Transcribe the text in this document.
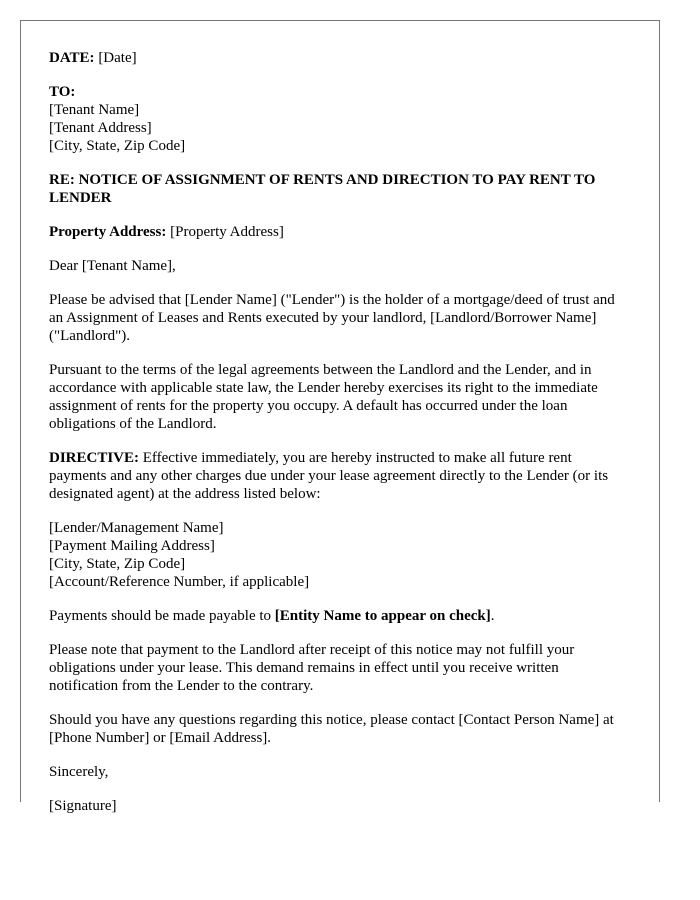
DATE: [Date]

TO:
[Tenant Name]
[Tenant Address]
[City, State, Zip Code]

RE: NOTICE OF ASSIGNMENT OF RENTS AND DIRECTION TO PAY RENT TO LENDER

Property Address: [Property Address]

Dear [Tenant Name],

Please be advised that [Lender Name] ("Lender") is the holder of a mortgage/deed of trust and an Assignment of Leases and Rents executed by your landlord, [Landlord/Borrower Name] ("Landlord").

Pursuant to the terms of the legal agreements between the Landlord and the Lender, and in accordance with applicable state law, the Lender hereby exercises its right to the immediate assignment of rents for the property you occupy. A default has occurred under the loan obligations of the Landlord.

DIRECTIVE: Effective immediately, you are hereby instructed to make all future rent payments and any other charges due under your lease agreement directly to the Lender (or its designated agent) at the address listed below:

[Lender/Management Name]
[Payment Mailing Address]
[City, State, Zip Code]
[Account/Reference Number, if applicable]

Payments should be made payable to [Entity Name to appear on check].

Please note that payment to the Landlord after receipt of this notice may not fulfill your obligations under your lease. This demand remains in effect until you receive written notification from the Lender to the contrary.

Should you have any questions regarding this notice, please contact [Contact Person Name] at [Phone Number] or [Email Address].

Sincerely,

[Signature]
